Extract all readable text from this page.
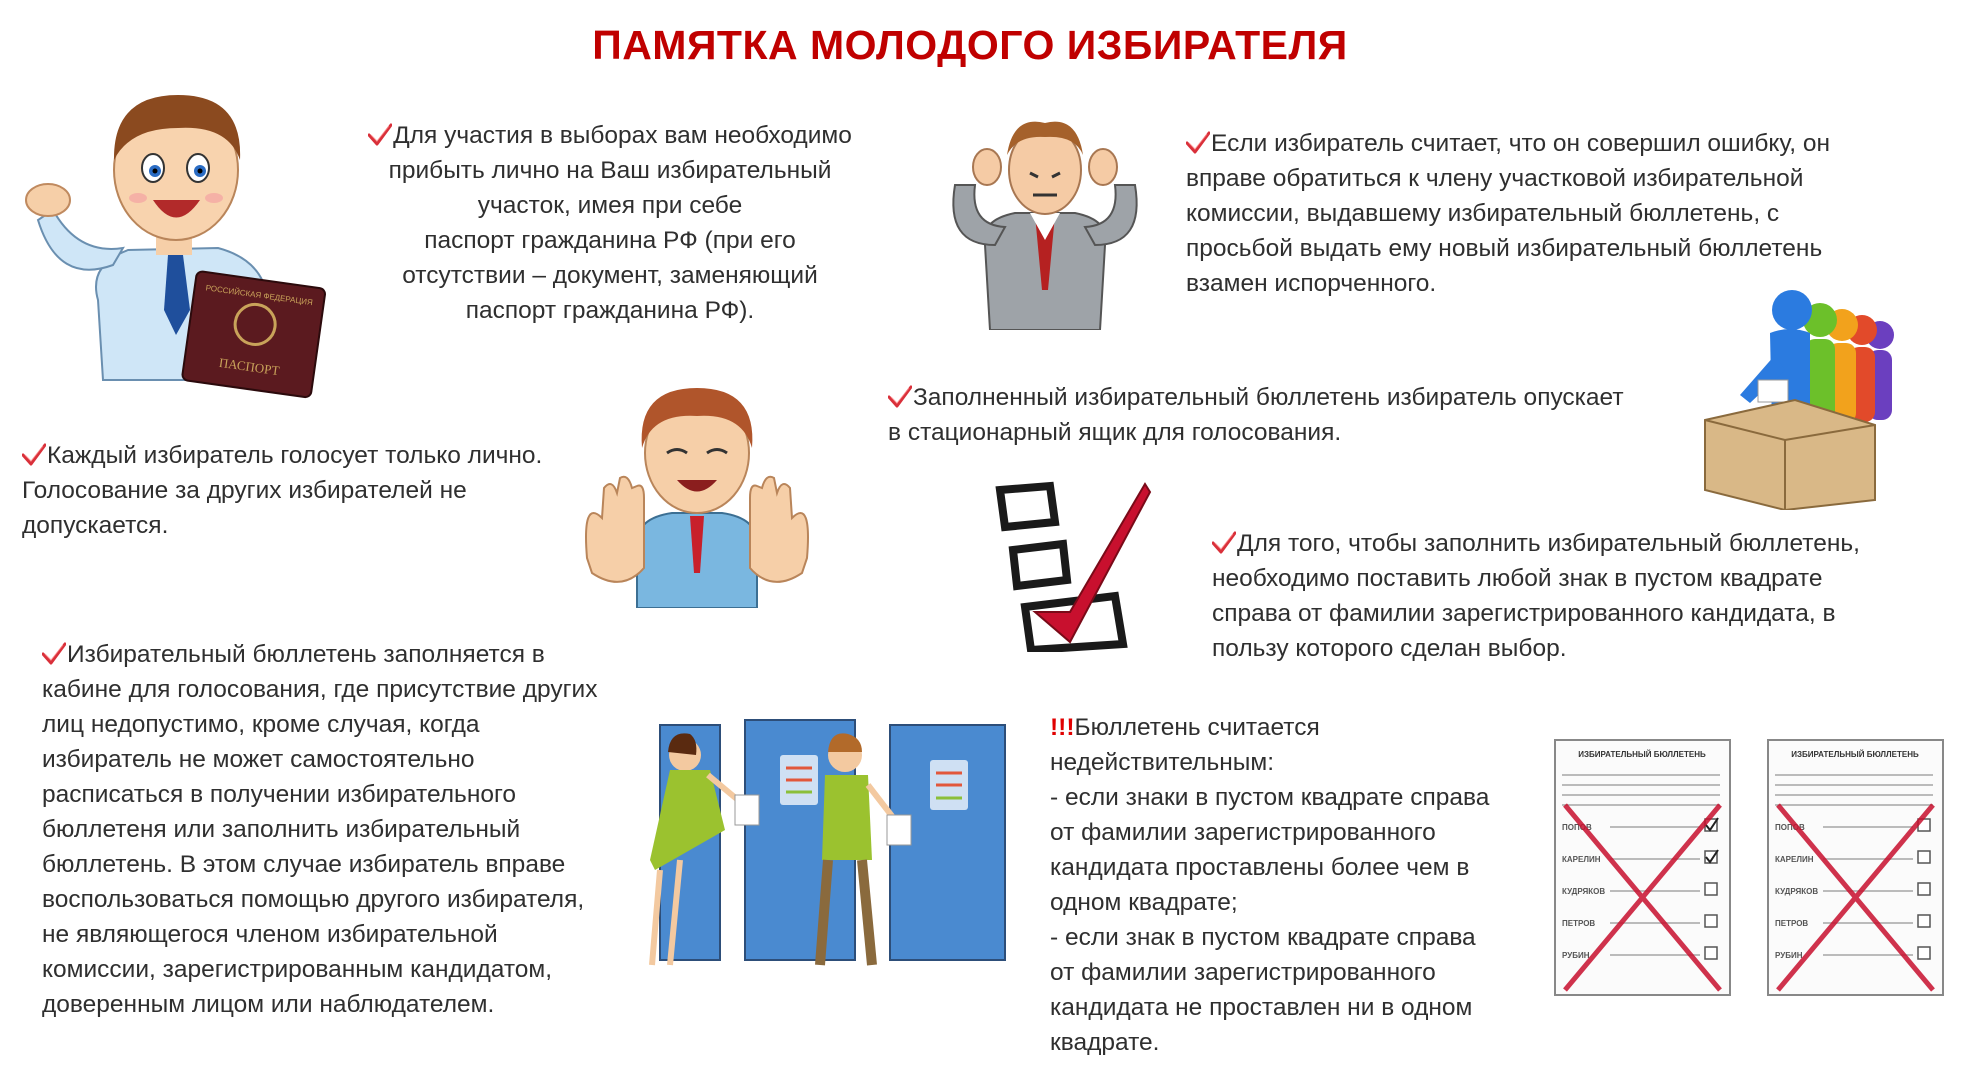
ПАМЯТКА МОЛОДОГО ИЗБИРАТЕЛЯ
Для участия в выборах вам необходимо
прибыть лично на Ваш избирательный
участок, имея при себе
паспорт гражданина РФ (при его
отсутствии – документ, заменяющий
паспорт гражданина РФ).
Каждый избиратель голосует только лично.
Голосование за других избирателей не
допускается.
Если избиратель считает, что он совершил ошибку, он
вправе обратиться к члену участковой избирательной
комиссии, выдавшему избирательный бюллетень, с
просьбой выдать ему новый избирательный бюллетень
взамен испорченного.
Заполненный избирательный бюллетень избиратель опускает
в стационарный ящик для голосования.
Для того, чтобы заполнить избирательный бюллетень,
необходимо поставить любой знак в пустом квадрате
справа от фамилии зарегистрированного кандидата, в
пользу которого сделан выбор.
Избирательный бюллетень заполняется в
кабине для голосования, где присутствие других
лиц недопустимо, кроме случая, когда
избиратель не может самостоятельно
расписаться в получении избирательного
бюллетеня или заполнить избирательный
бюллетень. В этом случае избиратель вправе
воспользоваться помощью другого избирателя,
не являющегося членом избирательной
комиссии, зарегистрированным кандидатом,
доверенным лицом или наблюдателем.
!!!Бюллетень считается
недействительным:
- если знаки в пустом квадрате справа
от фамилии зарегистрированного
кандидата проставлены более чем в
одном квадрате;
- если знак в пустом квадрате справа
от фамилии зарегистрированного
кандидата не проставлен ни в одном
квадрате.
РОССИЙСКАЯ ФЕДЕРАЦИЯ
ПАСПОРТ
ИЗБИРАТЕЛЬНЫЙ БЮЛЛЕТЕНЬ	ИЗБИРАТЕЛЬНЫЙ БЮЛЛЕТЕНЬ
ПОПОВ
КАРЕЛИН
КУДРЯКОВ
ПЕТРОВ
РУБИН
ПОПОВ
КАРЕЛИН
КУДРЯКОВ
ПЕТРОВ
РУБИН
